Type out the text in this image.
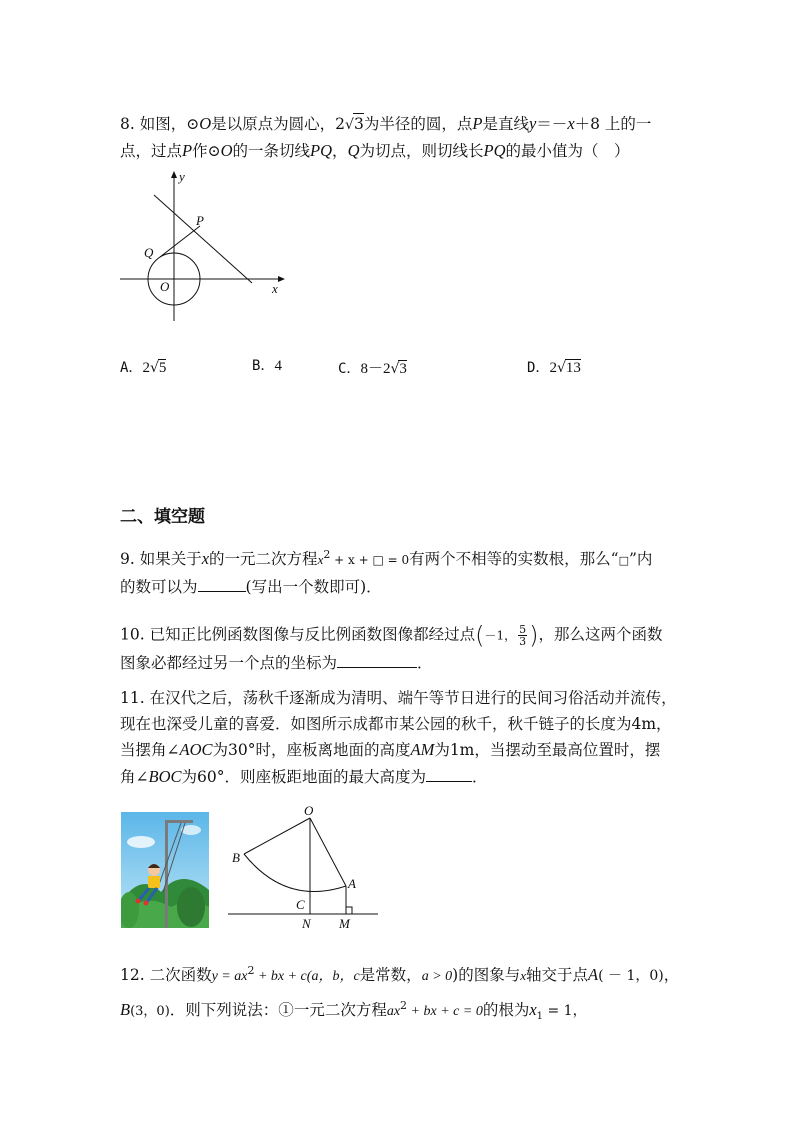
8. 如图，⊙O是以原点为圆心，2√3为半径的圆，点P是直线y＝－x＋8 上的一
点，过点P作⊙O的一条切线PQ，Q为切点，则切线长PQ的最小值为（　）
y
x
P
Q
O
A．2√5	B．4	C．8－2√3	D．2√13
二、填空题
9. 如果关于x的一元二次方程$x^2 + x$ + □ = 0有两个不相等的实数根，那么“□”内
的数可以为	(写出一个数即可)．
10. 已知正比例函数图像与反比例函数图像都经过点(－1， $\frac{5}{3}$ )，那么这两个函数
图象必都经过另一个点的坐标为	．
11. 在汉代之后，荡秋千逐渐成为清明、端午等节日进行的民间习俗活动并流传，
现在也深受儿童的喜爱．如图所示成都市某公园的秋千，秋千链子的长度为4m，
当摆角∠AOC为30°时，座板离地面的高度AM为1m，当摆动至最高位置时，摆
角∠BOC为60°．则座板距地面的最大高度为	．
O
B
A
C
N M
12. 二次函数$y = ax^2$ + bx + c(a，b，c是常数，a > 0)的图象与x轴交于点A( － 1，0)，
B(3，0)．则下列说法：①一元二次方程$ax^2$ + bx + c = 0的根为$x_1 = 1$，
